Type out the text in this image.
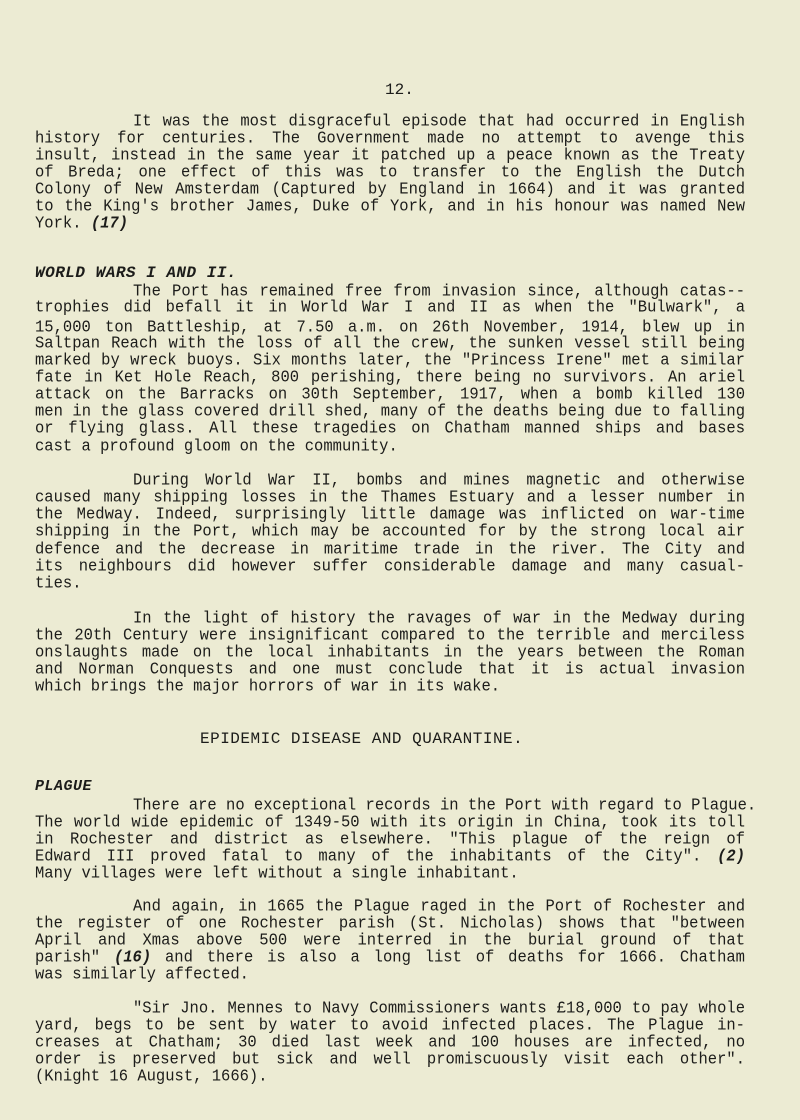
12.
It was the most disgraceful episode that had occurred in English
history for centuries. The Government made no attempt to avenge this
insult, instead in the same year it patched up a peace known as the Treaty
of Breda; one effect of this was to transfer to the English the Dutch
Colony of New Amsterdam (Captured by England in 1664) and it was granted
to the King's brother James, Duke of York, and in his honour was named New
York. (17)
WORLD WARS I AND II.
The Port has remained free from invasion since, although catas--
trophies did befall it in World War I and II as when the "Bulwark", a
15,000 ton Battleship, at 7.50 a.m. on 26th November, 1914, blew up in
Saltpan Reach with the loss of all the crew, the sunken vessel still being
marked by wreck buoys. Six months later, the "Princess Irene" met a similar
fate in Ket Hole Reach, 800 perishing, there being no survivors. An ariel
attack on the Barracks on 30th September, 1917, when a bomb killed 130
men in the glass covered drill shed, many of the deaths being due to falling
or flying glass. All these tragedies on Chatham manned ships and bases
cast a profound gloom on the community.
During World War II, bombs and mines magnetic and otherwise
caused many shipping losses in the Thames Estuary and a lesser number in
the Medway. Indeed, surprisingly little damage was inflicted on war-time
shipping in the Port, which may be accounted for by the strong local air
defence and the decrease in maritime trade in the river. The City and
its neighbours did however suffer considerable damage and many casual-
ties.
In the light of history the ravages of war in the Medway during
the 20th Century were insignificant compared to the terrible and merciless
onslaughts made on the local inhabitants in the years between the Roman
and Norman Conquests and one must conclude that it is actual invasion
which brings the major horrors of war in its wake.
EPIDEMIC DISEASE AND QUARANTINE.
PLAGUE
There are no exceptional records in the Port with regard to Plague.
The world wide epidemic of 1349-50 with its origin in China, took its toll
in Rochester and district as elsewhere. "This plague of the reign of
Edward III proved fatal to many of the inhabitants of the City". (2)
Many villages were left without a single inhabitant.
And again, in 1665 the Plague raged in the Port of Rochester and
the register of one Rochester parish (St. Nicholas) shows that "between
April and Xmas above 500 were interred in the burial ground of that
parish" (16) and there is also a long list of deaths for 1666. Chatham
was similarly affected.
"Sir Jno. Mennes to Navy Commissioners wants £18,000 to pay whole
yard, begs to be sent by water to avoid infected places. The Plague in-
creases at Chatham; 30 died last week and 100 houses are infected, no
order is preserved but sick and well promiscuously visit each other".
(Knight 16 August, 1666).
